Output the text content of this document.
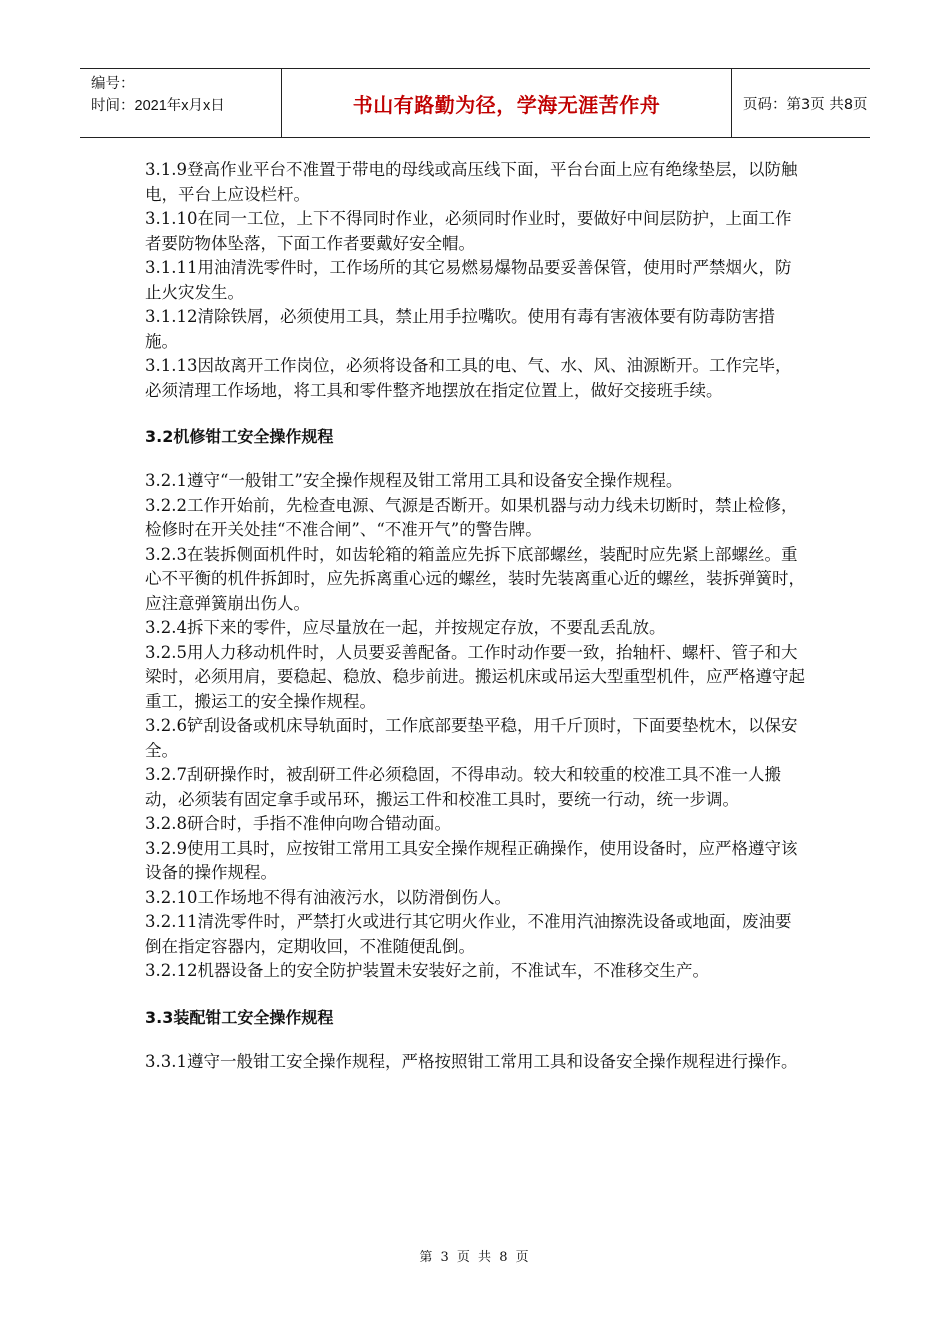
编号：
时间：2021年x月x日	书山有路勤为径，学海无涯苦作舟	页码：第3页 共8页

3.1.9登高作业平台不准置于带电的母线或高压线下面，平台台面上应有绝缘垫层，以防触电，平台上应设栏杆。

3.1.10在同一工位，上下不得同时作业，必须同时作业时，要做好中间层防护，上面工作者要防物体坠落，下面工作者要戴好安全帽。

3.1.11用油清洗零件时，工作场所的其它易燃易爆物品要妥善保管，使用时严禁烟火，防止火灾发生。

3.1.12清除铁屑，必须使用工具，禁止用手拉嘴吹。使用有毒有害液体要有防毒防害措施。

3.1.13因故离开工作岗位，必须将设备和工具的电、气、水、风、油源断开。工作完毕，必须清理工作场地，将工具和零件整齐地摆放在指定位置上，做好交接班手续。

3.2机修钳工安全操作规程

3.2.1遵守“一般钳工”安全操作规程及钳工常用工具和设备安全操作规程。

3.2.2工作开始前，先检查电源、气源是否断开。如果机器与动力线未切断时，禁止检修，检修时在开关处挂“不准合闸”、“不准开气”的警告牌。

3.2.3在装拆侧面机件时，如齿轮箱的箱盖应先拆下底部螺丝，装配时应先紧上部螺丝。重心不平衡的机件拆卸时，应先拆离重心远的螺丝，装时先装离重心近的螺丝，装拆弹簧时，应注意弹簧崩出伤人。

3.2.4拆下来的零件，应尽量放在一起，并按规定存放，不要乱丢乱放。

3.2.5用人力移动机件时，人员要妥善配备。工作时动作要一致，抬轴杆、螺杆、管子和大梁时，必须用肩，要稳起、稳放、稳步前进。搬运机床或吊运大型重型机件，应严格遵守起重工，搬运工的安全操作规程。

3.2.6铲刮设备或机床导轨面时，工作底部要垫平稳，用千斤顶时，下面要垫枕木，以保安全。

3.2.7刮研操作时，被刮研工件必须稳固，不得串动。较大和较重的校准工具不准一人搬动，必须装有固定拿手或吊环，搬运工件和校准工具时，要统一行动，统一步调。

3.2.8研合时，手指不准伸向吻合错动面。

3.2.9使用工具时，应按钳工常用工具安全操作规程正确操作，使用设备时，应严格遵守该设备的操作规程。

3.2.10工作场地不得有油液污水，以防滑倒伤人。

3.2.11清洗零件时，严禁打火或进行其它明火作业，不准用汽油擦洗设备或地面，废油要倒在指定容器内，定期收回，不准随便乱倒。

3.2.12机器设备上的安全防护装置未安装好之前，不准试车，不准移交生产。

3.3装配钳工安全操作规程

3.3.1遵守一般钳工安全操作规程，严格按照钳工常用工具和设备安全操作规程进行操作。

第 3 页 共 8 页
